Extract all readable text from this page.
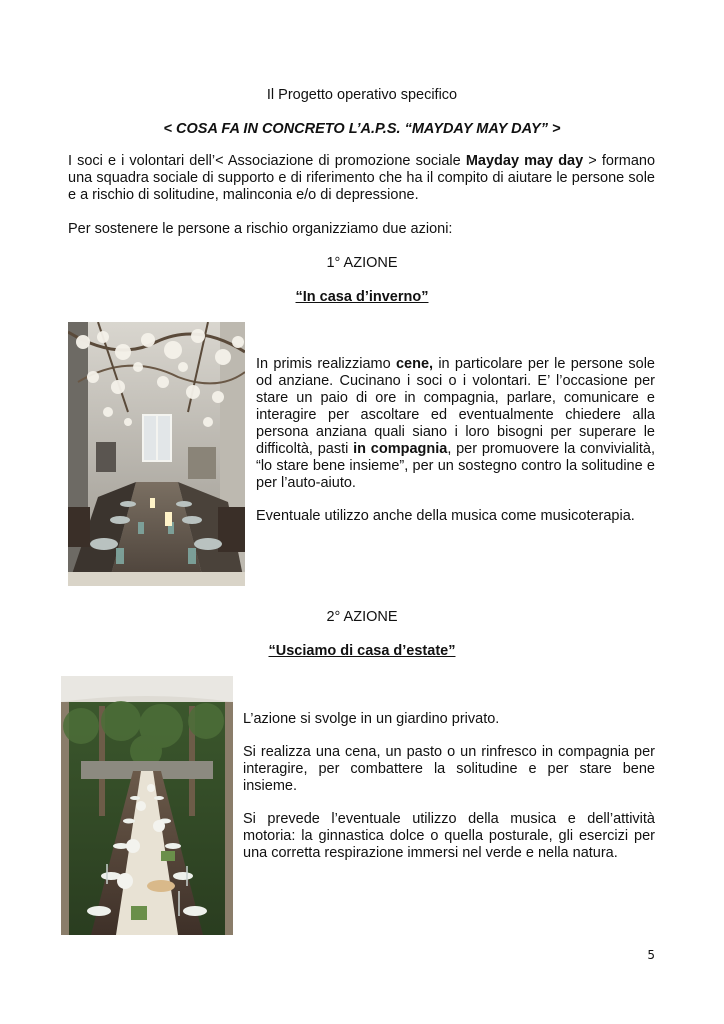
Il Progetto operativo specifico
< COSA FA IN CONCRETO L’A.P.S. “MAYDAY MAY DAY” >

I soci e i volontari dell’< Associazione di promozione sociale Mayday may day > formano una squadra sociale di supporto e di riferimento che ha il compito di aiutare le persone sole e a rischio di solitudine, malinconia e/o di depressione.

Per sostenere le persone a rischio organizziamo due azioni:
1° AZIONE
“In casa d’inverno”

In primis realizziamo cene, in particolare per le persone sole od anziane. Cucinano i soci o i volontari. E’ l’occasione per stare un paio di ore in compagnia, parlare, comunicare e interagire per ascoltare ed eventualmente chiedere alla persona anziana quali siano i loro bisogni per superare le difficoltà, pasti in compagnia, per promuovere la convivialità, “lo stare bene insieme”, per un sostegno contro la solitudine e per l’auto-aiuto.

Eventuale utilizzo anche della musica come musicoterapia.

2° AZIONE
“Usciamo di casa d’estate”

L’azione si svolge in un giardino privato.

Si realizza una cena, un pasto o un rinfresco in compagnia per interagire, per combattere la solitudine e per stare bene insieme.

Si prevede l’eventuale utilizzo della musica e dell’attività motoria: la ginnastica dolce o quella posturale, gli esercizi per una corretta respirazione immersi nel verde e nella natura.

5
